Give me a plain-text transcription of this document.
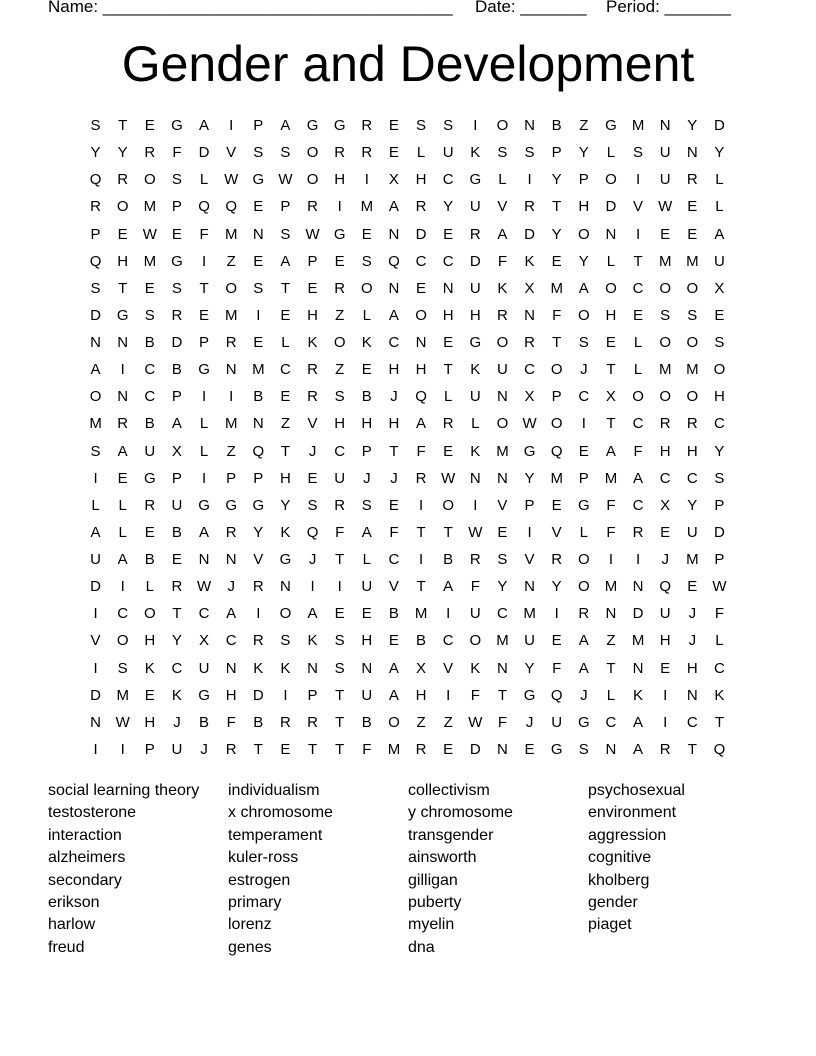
Name: _____________________________________ Date: _______ Period: _______
Gender and Development
S	T	E	G	A	I	P	A	G	G	R	E	S	S	I	O	N	B	Z	G	M	N	Y	D
Y	Y	R	F	D	V	S	S	O	R	R	E	L	U	K	S	S	P	Y	L	S	U	N	Y
Q	R	O	S	L	W G W O	H	I	X	H	C	G	L	I	Y	P	O	I	U	R	L
R	O	M	P	Q	Q	E	P	R	I	M	A	R	Y	U	V	R	T	H	D	V	W	E	L
P	E	W	E	F	M	N	S	W G	E	N	D	E	R	A	D	Y	O	N	I	E	E	A
Q	H	M	G	I	Z	E	A	P	E	S	Q	C	C	D	F	K	E	Y	L	T	M M	U
S	T	E	S	T	O	S	T	E	R	O	N	E	N	U	K	X	M	A	O	C	O	O	X
D	G	S	R	E	M	I	E	H	Z	L	A	O	H	H	R	N	F	O	H	E	S	S	E
N	N	B	D	P	R	E	L	K	O	K	C	N	E	G	O	R	T	S	E	L	O	O	S
A	I	C	B	G	N	M	C	R	Z	E	H	H	T	K	U	C	O	J	T	L	M M	O
O	N	C	P	I	I	B	E	R	S	B	J	Q	L	U	N	X	P	C	X	O	O	O	H
M	R	B	A	L	M	N	Z	V	H	H	H	A	R	L	O W O	I	T	C	R	R	C
S	A	U	X	L	Z	Q	T	J	C	P	T	F	E	K	M	G	Q	E	A	F	H	H	Y
I	E	G	P	I	P	P	H	E	U	J	J	R W N	N	Y	M	P	M	A	C	C	S
L	L	R	U	G	G	G	Y	S	R	S	E	I	O	I	V	P	E	G	F	C	X	Y	P
A	L	E	B	A	R	Y	K	Q	F	A	F	T	T	W	E	I	V	L	F	R	E	U	D
U	A	B	E	N	N	V	G	J	T	L	C	I	B	R	S	V	R	O	I	I	J	M	P
D	I	L	R W	J	R	N	I	I	U	V	T	A	F	Y	N	Y	O	M	N	Q	E	W
I	C	O	T	C	A	I	O	A	E	E	B	M	I	U	C	M	I	R	N	D	U	J	F
V	O	H	Y	X	C	R	S	K	S	H	E	B	C	O	M	U	E	A	Z	M	H	J	L
I	S	K	C	U	N	K	K	N	S	N	A	X	V	K	N	Y	F	A	T	N	E	H	C
D	M	E	K	G	H	D	I	P	T	U	A	H	I	F	T	G	Q	J	L	K	I	N	K
N W H	J	B	F	B	R	R	T	B	O	Z	Z	W	F	J	U	G	C	A	I	C	T
I	I	P	U	J	R	T	E	T	T	F	M	R	E	D	N	E	G	S	N	A	R	T	Q
social learning theory
testosterone
interaction
alzheimers
secondary
erikson
harlow
freud
individualism
x chromosome
temperament
kuler-ross
estrogen
primary
lorenz
genes
collectivism
y chromosome
transgender
ainsworth
gilligan
puberty
myelin
dna
psychosexual
environment
aggression
cognitive
kholberg
gender
piaget
